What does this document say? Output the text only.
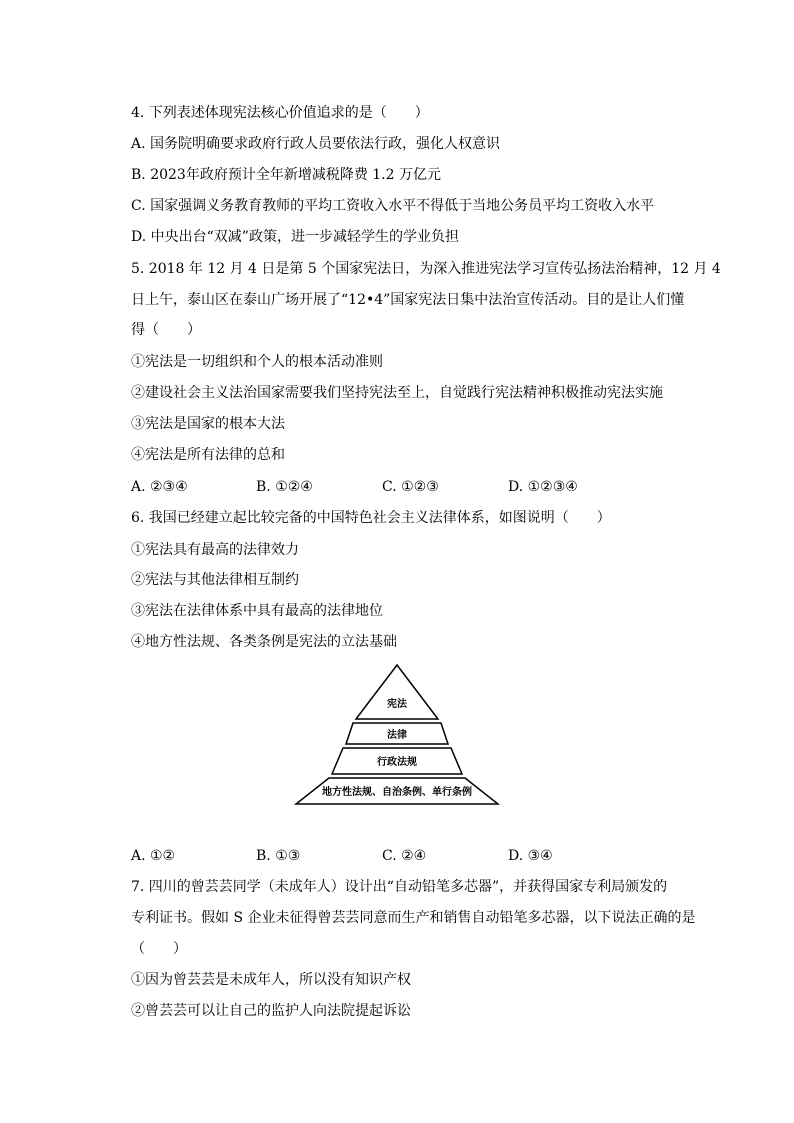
4. 下列表述体现宪法核心价值追求的是（　　）
A. 国务院明确要求政府行政人员要依法行政，强化人权意识
B. 2023年政府预计全年新增减税降费 1.2 万亿元
C. 国家强调义务教育教师的平均工资收入水平不得低于当地公务员平均工资收入水平
D. 中央出台“双减”政策，进一步减轻学生的学业负担
5. 2018 年 12 月 4 日是第 5 个国家宪法日，为深入推进宪法学习宣传弘扬法治精神，12 月 4
日上午，泰山区在泰山广场开展了“12•4”国家宪法日集中法治宣传活动。目的是让人们懂
得（　　）
①宪法是一切组织和个人的根本活动准则
②建设社会主义法治国家需要我们坚持宪法至上，自觉践行宪法精神积极推动宪法实施
③宪法是国家的根本大法
④宪法是所有法律的总和
A. ②③④	B. ①②④	C. ①②③	D. ①②③④
6. 我国已经建立起比较完备的中国特色社会主义法律体系，如图说明（　　）
①宪法具有最高的法律效力
②宪法与其他法律相互制约
③宪法在法律体系中具有最高的法律地位
④地方性法规、各类条例是宪法的立法基础
宪法
法律
行政法规
地方性法规、自治条例、单行条例
A. ①②	B. ①③	C. ②④	D. ③④
7. 四川的曾芸芸同学（未成年人）设计出“自动铅笔多芯器”，并获得国家专利局颁发的
专利证书。假如 S 企业未征得曾芸芸同意而生产和销售自动铅笔多芯器，以下说法正确的是
（　　）
①因为曾芸芸是未成年人，所以没有知识产权
②曾芸芸可以让自己的监护人向法院提起诉讼
